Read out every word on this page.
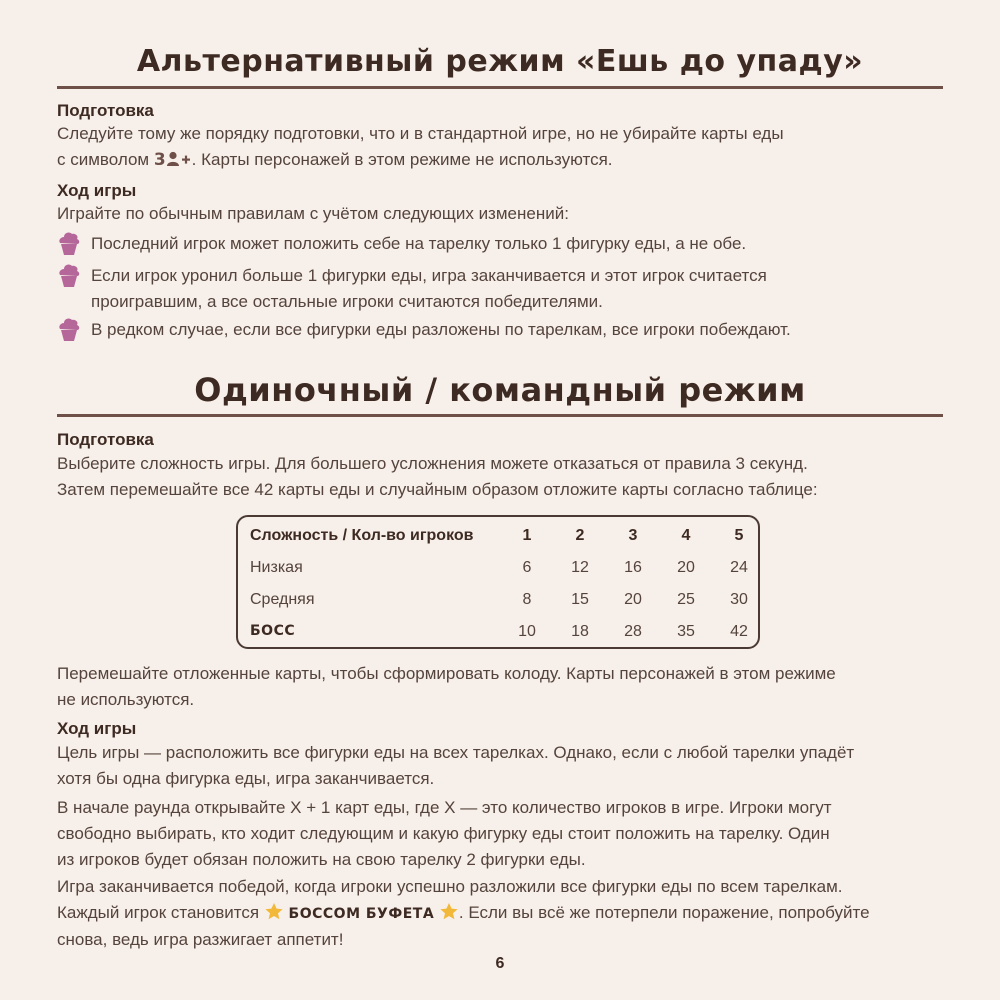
Альтернативный режим «Ешь до упаду»
Подготовка
Следуйте тому же порядку подготовки, что и в стандартной игре, но не убирайте карты еды
с символом 3 . Карты персонажей в этом режиме не используются.
Ход игры
Играйте по обычным правилам с учётом следующих изменений:
Последний игрок может положить себе на тарелку только 1 фигурку еды, а не обе.
Если игрок уронил больше 1 фигурки еды, игра заканчивается и этот игрок считается
проигравшим, а все остальные игроки считаются победителями.
В редком случае, если все фигурки еды разложены по тарелкам, все игроки побеждают.
Одиночный / командный режим
Подготовка
Выберите сложность игры. Для большего усложнения можете отказаться от правила 3 секунд.
Затем перемешайте все 42 карты еды и случайным образом отложите карты согласно таблице:
Сложность / Кол-во игроков	1	2	3	4	5
Низкая	6	12	16	20	24
Средняя	8	15	20	25	30
БОСС	10	18	28	35	42
Перемешайте отложенные карты, чтобы сформировать колоду. Карты персонажей в этом режиме
не используются.
Ход игры
Цель игры — расположить все фигурки еды на всех тарелках. Однако, если с любой тарелки упадёт
хотя бы одна фигурка еды, игра заканчивается.
В начале раунда открывайте X + 1 карт еды, где X — это количество игроков в игре. Игроки могут
свободно выбирать, кто ходит следующим и какую фигурку еды стоит положить на тарелку. Один
из игроков будет обязан положить на свою тарелку 2 фигурки еды.
Игра заканчивается победой, когда игроки успешно разложили все фигурки еды по всем тарелкам.
Каждый игрок становится  БОССОМ БУФЕТА . Если вы всё же потерпели поражение, попробуйте
снова, ведь игра разжигает аппетит!
6
